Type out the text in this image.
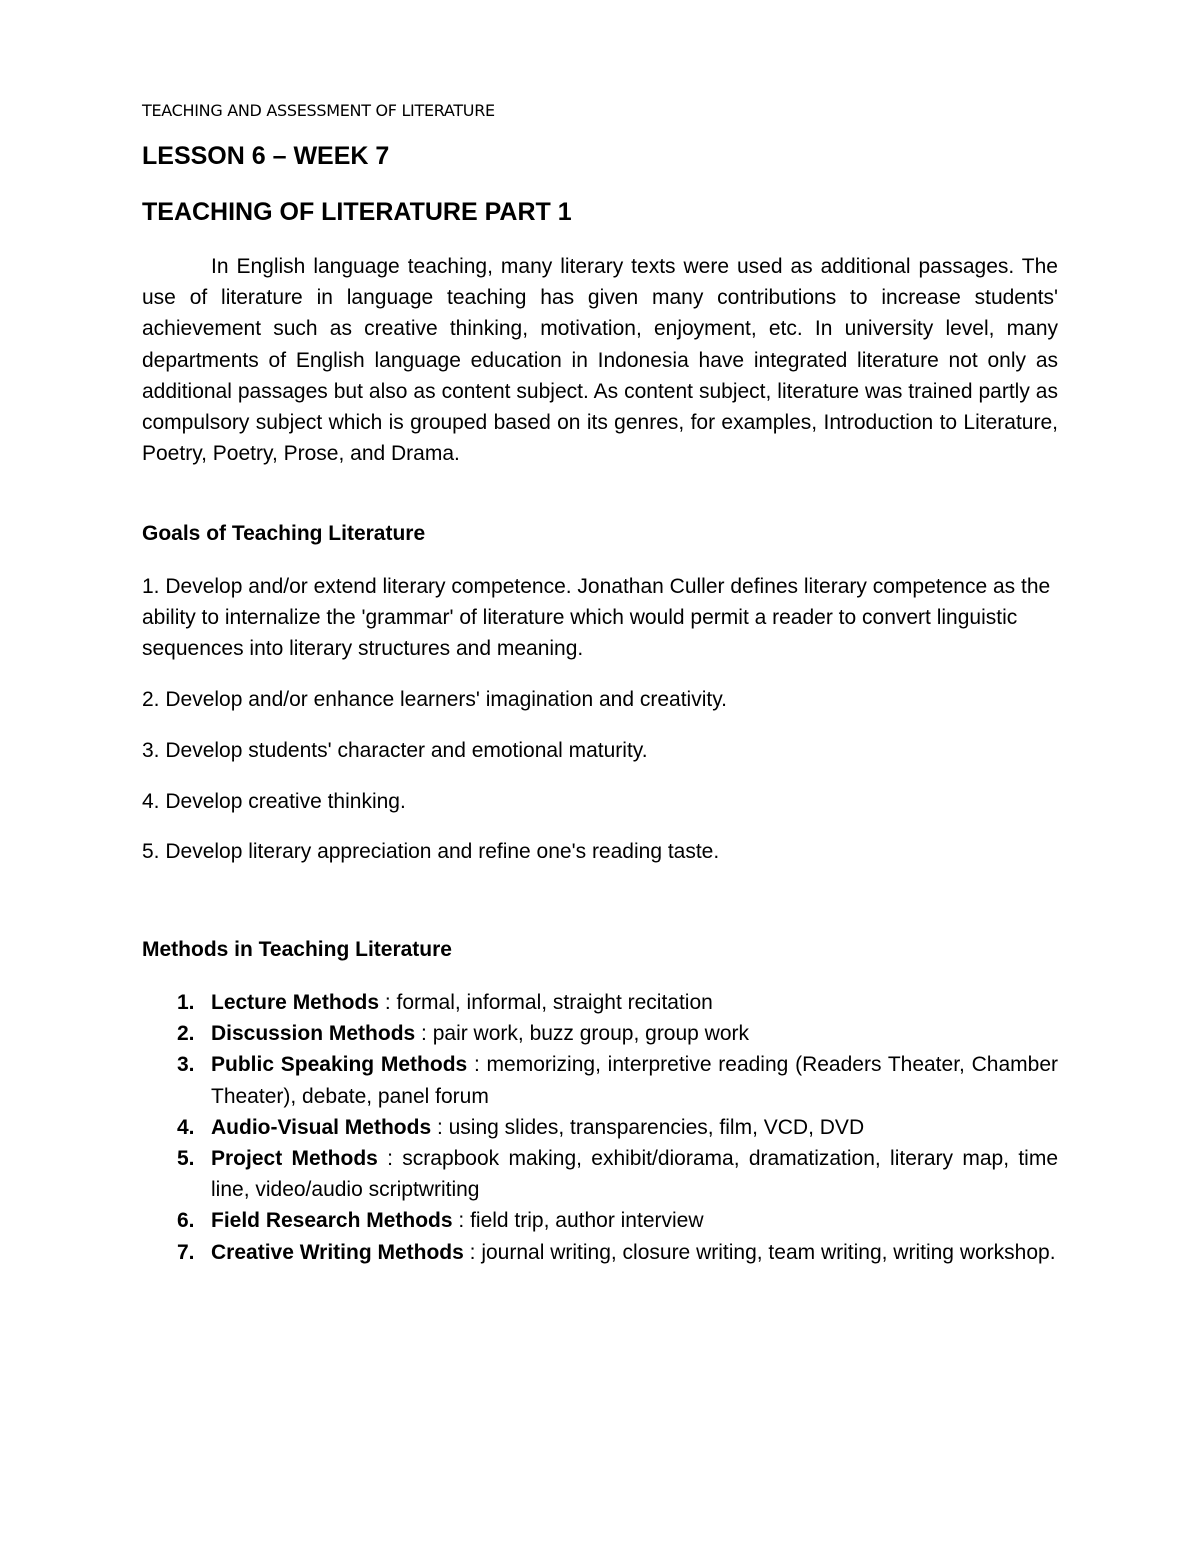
TEACHING AND ASSESSMENT OF LITERATURE
LESSON 6 – WEEK 7
TEACHING OF LITERATURE PART 1

In English language teaching, many literary texts were used as additional passages. The use of literature in language teaching has given many contributions to increase students' achievement such as creative thinking, motivation, enjoyment, etc. In university level, many departments of English language education in Indonesia have integrated literature not only as additional passages but also as content subject. As content subject, literature was trained partly as compulsory subject which is grouped based on its genres, for examples, Introduction to Literature, Poetry, Poetry, Prose, and Drama.

Goals of Teaching Literature

1. Develop and/or extend literary competence. Jonathan Culler defines literary competence as the ability to internalize the 'grammar' of literature which would permit a reader to convert linguistic sequences into literary structures and meaning.

2. Develop and/or enhance learners' imagination and creativity.

3. Develop students' character and emotional maturity.

4. Develop creative thinking.

5. Develop literary appreciation and refine one's reading taste.

Methods in Teaching Literature
1. Lecture Methods : formal, informal, straight recitation
2. Discussion Methods : pair work, buzz group, group work
3. Public Speaking Methods : memorizing, interpretive reading (Readers Theater, Chamber Theater), debate, panel forum
4. Audio-Visual Methods : using slides, transparencies, film, VCD, DVD
5. Project Methods : scrapbook making, exhibit/diorama, dramatization, literary map, time line, video/audio scriptwriting
6. Field Research Methods : field trip, author interview
7. Creative Writing Methods : journal writing, closure writing, team writing, writing workshop.
